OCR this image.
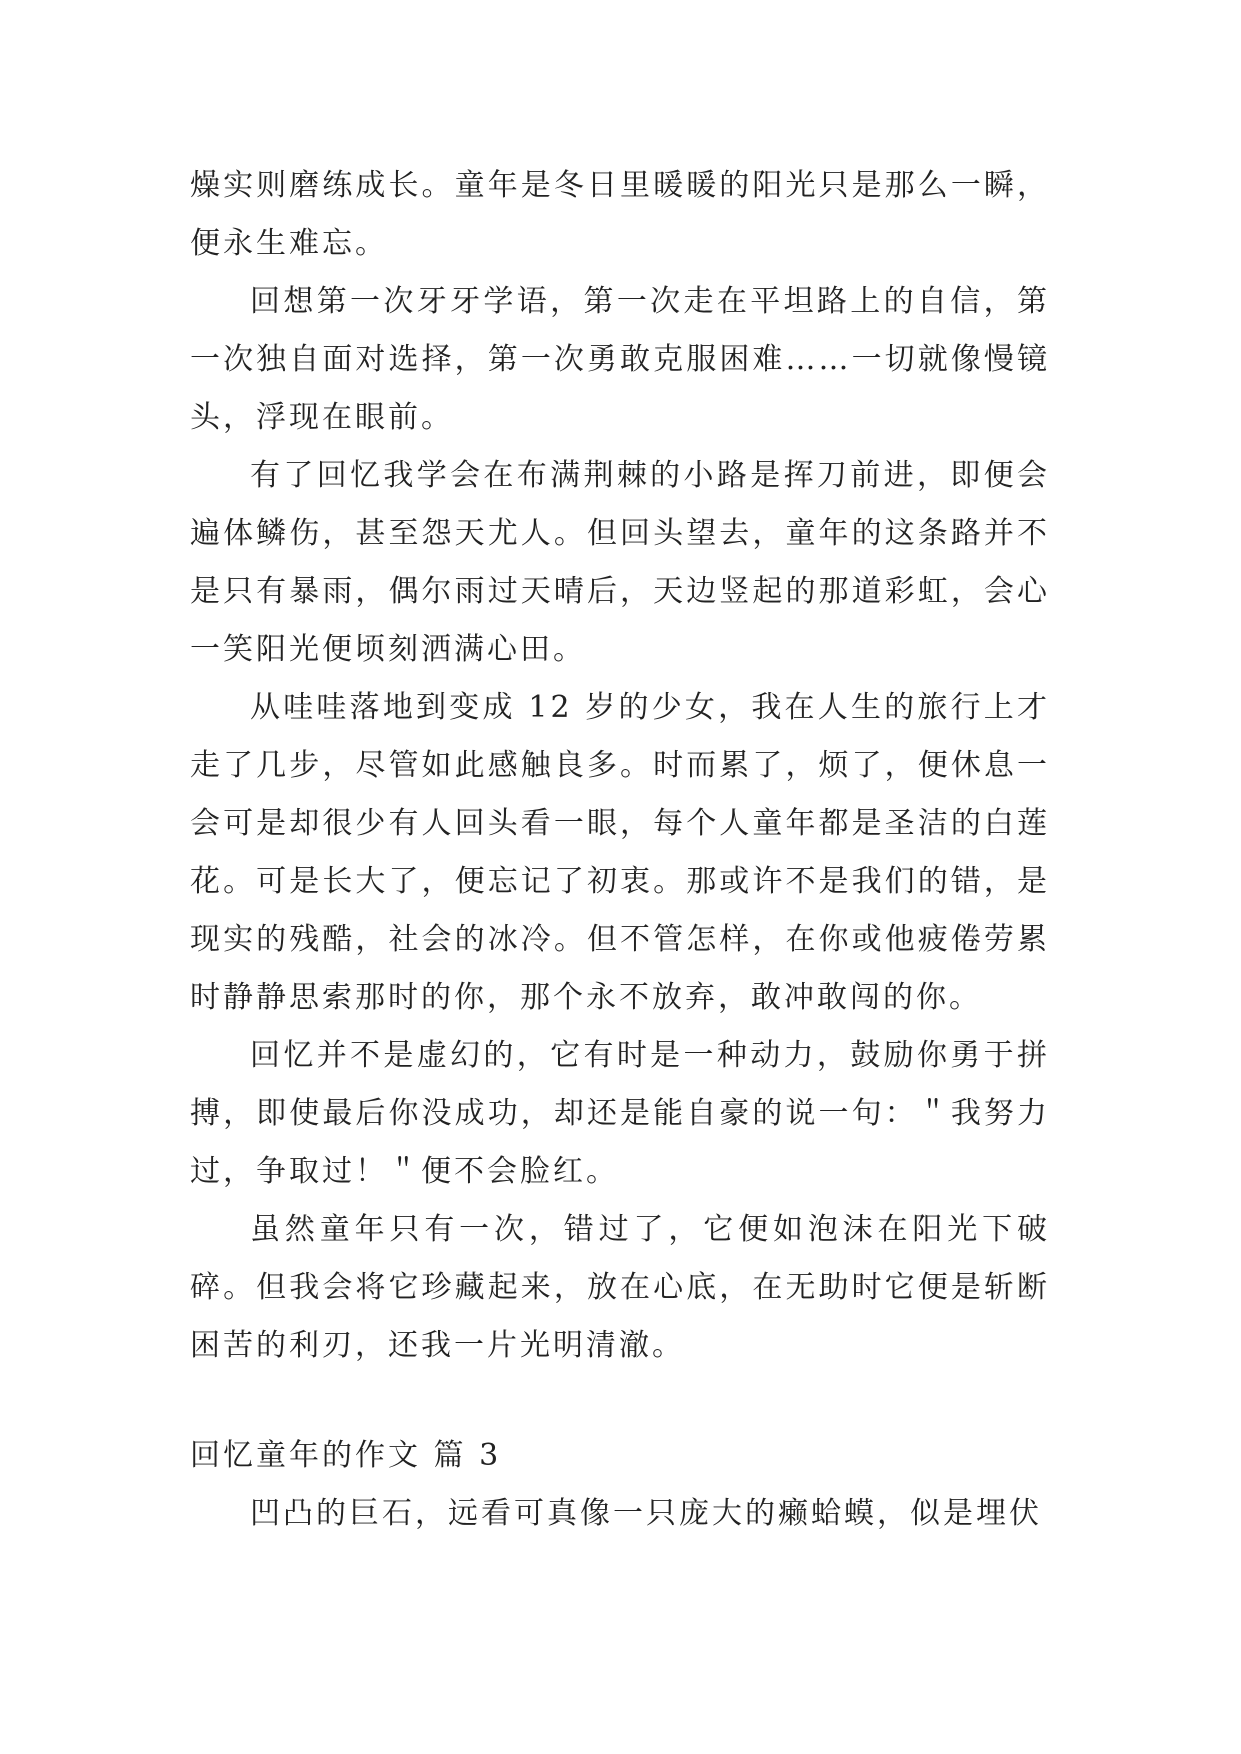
燥实则磨练成长。童年是冬日里暖暖的阳光只是那么一瞬，便永生难忘。

回想第一次牙牙学语，第一次走在平坦路上的自信，第一次独自面对选择，第一次勇敢克服困难……一切就像慢镜头，浮现在眼前。

有了回忆我学会在布满荆棘的小路是挥刀前进，即便会遍体鳞伤，甚至怨天尤人。但回头望去，童年的这条路并不是只有暴雨，偶尔雨过天晴后，天边竖起的那道彩虹，会心一笑阳光便顷刻洒满心田。

从哇哇落地到变成 12 岁的少女，我在人生的旅行上才走了几步，尽管如此感触良多。时而累了，烦了，便休息一会可是却很少有人回头看一眼，每个人童年都是圣洁的白莲花。可是长大了，便忘记了初衷。那或许不是我们的错，是现实的残酷，社会的冰冷。但不管怎样，在你或他疲倦劳累时静静思索那时的你，那个永不放弃，敢冲敢闯的你。

回忆并不是虚幻的，它有时是一种动力，鼓励你勇于拼搏，即使最后你没成功，却还是能自豪的说一句：＂我努力过，争取过！＂便不会脸红。

虽然童年只有一次，错过了，它便如泡沫在阳光下破碎。但我会将它珍藏起来，放在心底，在无助时它便是斩断困苦的利刃，还我一片光明清澈。

回忆童年的作文 篇 3

凹凸的巨石，远看可真像一只庞大的癞蛤蟆，似是埋伏
